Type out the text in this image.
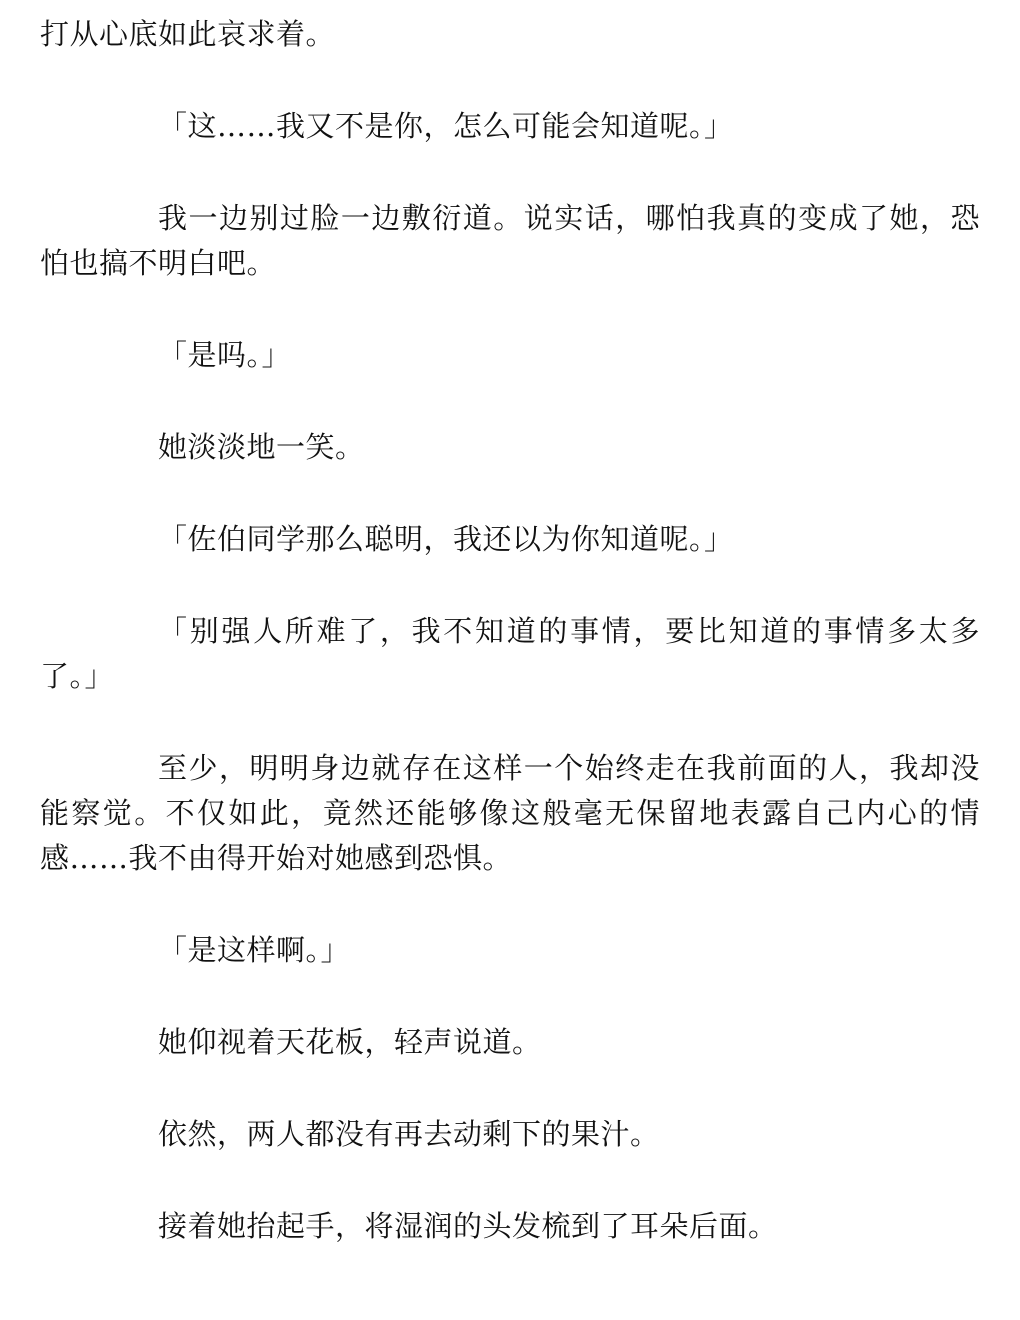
打从心底如此哀求着。

「这……我又不是你，怎么可能会知道呢。」

我一边别过脸一边敷衍道。说实话，哪怕我真的变成了她，恐怕也搞不明白吧。

「是吗。」

她淡淡地一笑。

「佐伯同学那么聪明，我还以为你知道呢。」

「别强人所难了，我不知道的事情，要比知道的事情多太多了。」

至少，明明身边就存在这样一个始终走在我前面的人，我却没能察觉。不仅如此，竟然还能够像这般毫无保留地表露自己内心的情感……我不由得开始对她感到恐惧。

「是这样啊。」

她仰视着天花板，轻声说道。

依然，两人都没有再去动剩下的果汁。

接着她抬起手，将湿润的头发梳到了耳朵后面。
